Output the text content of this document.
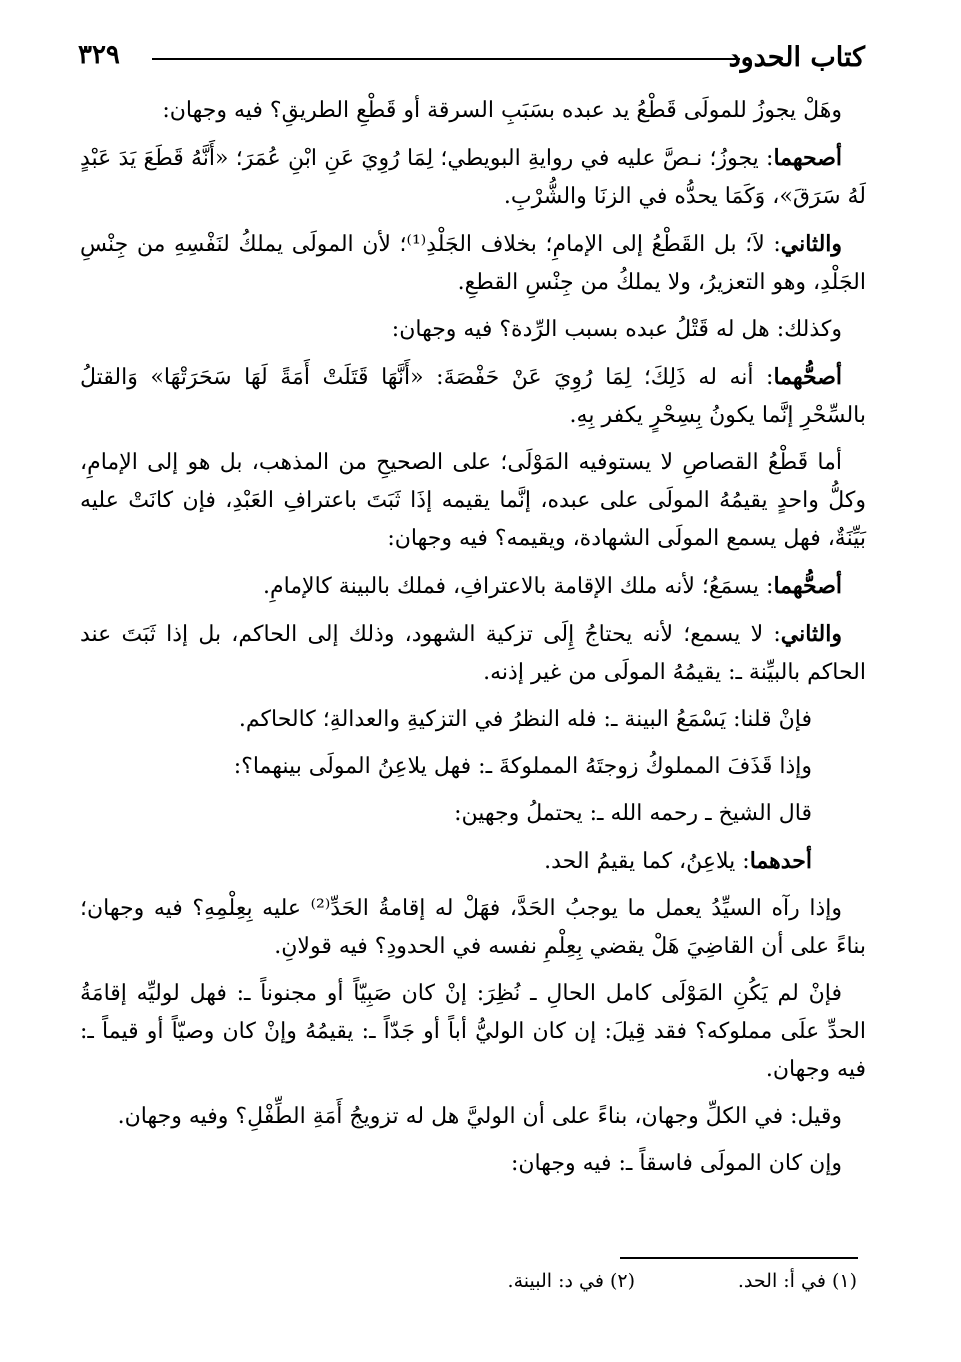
كتاب الحدود
٣٢٩

وهَلْ يجوزُ للمولَى قَطْعُ يد عبده بسَبَبِ السرقة أو قَطْعِ الطريقِ؟ فيه وجهان:

أصحهما: يجوزُ؛ نـصَّ عليه في روايةِ البويطي؛ لِمَا رُوِيَ عَنِ ابْنِ عُمَرَ؛ «أَنَّهُ قَطَعَ يَدَ عَبْدٍ لَهُ سَرَقَ»، وَكَمَا يحدُّه في الزنَا والشُّرْبِ.

والثاني: لاَ؛ بل القَطْعُ إلى الإمامِ؛ بخلاف الجَلْدِ⁽¹⁾؛ لأن المولَى يملكُ لنَفْسِهِ من جِنْسِ الجَلْدِ، وهو التعزيرُ، ولا يملكُ من جِنْسِ القطعِ.

وكذلك: هل له قَتْلُ عبده بسبب الرِّدة؟ فيه وجهان:

أصحُّهما: أنه له ذَلِكَ؛ لِمَا رُوِيَ عَنْ حَفْصَةَ: «أَنَّهَا قَتَلَتْ أَمَةً لَهَا سَحَرَتْهَا» وَالقتلُ بالسِّحْرِ إنَّما يكونُ بِسِحْرٍ يكفر بِهِ.

أما قَطْعُ القصاصِ لا يستوفيه المَوْلَى؛ على الصحيحِ من المذهب، بل هو إلى الإمامِ، وكلُّ واحدٍ يقيمُهُ المولَى على عبده، إنَّما يقيمه إذَا ثَبَتَ باعترافِ العَبْدِ، فإن كانَتْ عليه بَيِّنَةٌ، فهل يسمع المولَى الشهادة، ويقيمه؟ فيه وجهان:

أصحُّهما: يسمَعُ؛ لأنه ملك الإقامة بالاعترافِ، فملك بالبينة كالإمامِ.

والثاني: لا يسمع؛ لأنه يحتاجُ إِلَى تزكية الشهود، وذلك إلى الحاكم، بل إذا ثَبَتَ عند الحاكم بالبيِّنة ـ: يقيمُهُ المولَى من غير إذنه.

فإنْ قلنا: يَسْمَعُ البينة ـ: فله النظرُ في التزكيةِ والعدالةِ؛ كالحاكم.

وإذا قَذَفَ المملوكُ زوجتَهُ المملوكةَ ـ: فهل يلاعِنُ المولَى بينهما؟:

قال الشيخ ـ رحمه الله ـ: يحتملُ وجهين:

أحدهما: يلاعِنُ، كما يقيمُ الحد.

وإذا رآه السيِّدُ يعمل ما يوجبُ الحَدَّ، فهَلْ له إقامةُ الحَدِّ⁽²⁾ عليه بِعِلْمِهِ؟ فيه وجهان؛ بناءً على أن القاضِيَ هَلْ يقضي بِعِلْمِ نفسه في الحدودِ؟ فيه قولانِ.

فإنْ لم يَكُنِ المَوْلَى كامل الحالِ ـ نُظِرَ: إنْ كان صَبِيّاً أو مجنوناً ـ: فهل لوليِّه إقامَةُ الحدِّ علَى مملوكه؟ فقد قِيلَ: إن كان الوليُّ أباً أو جَدّاً ـ: يقيمُهُ وإنْ كان وصيّاً أو قيماً ـ: فيه وجهان.

وقيل: في الكلِّ وجهان، بناءً على أن الوليَّ هل له تزويجُ أَمَةِ الطِّفْلِ؟ وفيه وجهان.

وإن كان المولَى فاسقاً ـ: فيه وجهان:

(١) في أ: الحد.
(٢) في د: البينة.
